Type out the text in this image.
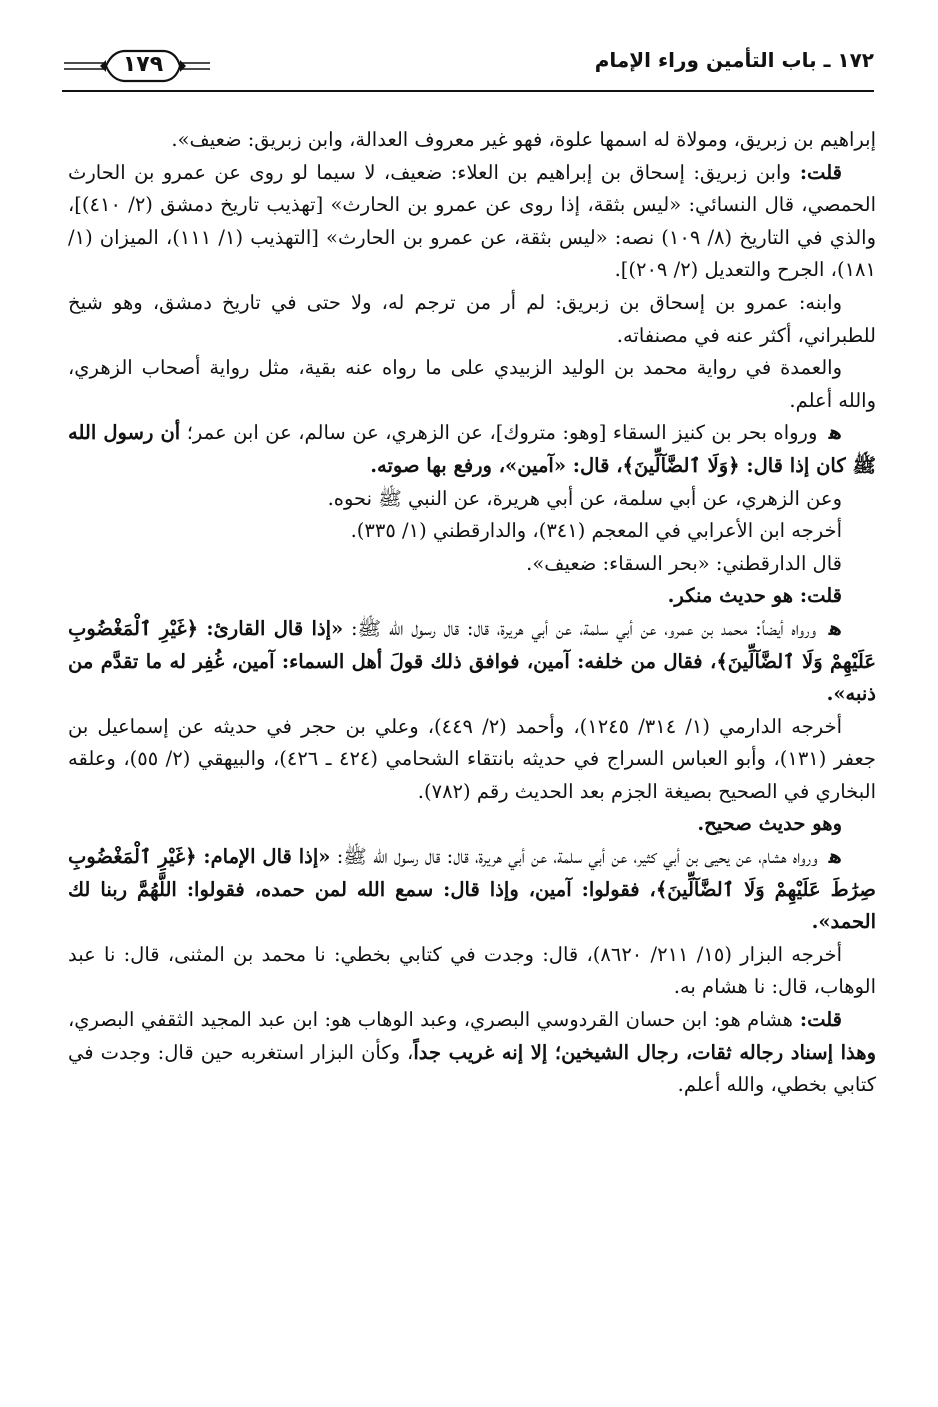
١٧٢ ـ باب التأمين وراء الإمام
١٧٩

إبراهيم بن زبريق، ومولاة له اسمها علوة، فهو غير معروف العدالة، وابن زبريق: ضعيف».

قلت: وابن زبريق: إسحاق بن إبراهيم بن العلاء: ضعيف، لا سيما لو روى عن عمرو بن الحارث الحمصي، قال النسائي: «ليس بثقة، إذا روى عن عمرو بن الحارث» [تهذيب تاريخ دمشق (٢/ ٤١٠)]، والذي في التاريخ (٨/ ١٠٩) نصه: «ليس بثقة، عن عمرو بن الحارث» [التهذيب (١/ ١١١)، الميزان (١/ ١٨١)، الجرح والتعديل (٢/ ٢٠٩)].

وابنه: عمرو بن إسحاق بن زبريق: لم أر من ترجم له، ولا حتى في تاريخ دمشق، وهو شيخ للطبراني، أكثر عنه في مصنفاته.

والعمدة في رواية محمد بن الوليد الزبيدي على ما رواه عنه بقية، مثل رواية أصحاب الزهري، والله أعلم.

ﻫ ورواه بحر بن كنيز السقاء [وهو: متروك]، عن الزهري، عن سالم، عن ابن عمر؛ أن رسول الله ﷺ كان إذا قال: ﴿وَلَا ٱلضَّآلِّينَ﴾، قال: «آمين»، ورفع بها صوته.

وعن الزهري، عن أبي سلمة، عن أبي هريرة، عن النبي ﷺ نحوه.

أخرجه ابن الأعرابي في المعجم (٣٤١)، والدارقطني (١/ ٣٣٥).

قال الدارقطني: «بحر السقاء: ضعيف».

قلت: هو حديث منكر.

ﻫ ورواه أيضاً: محمد بن عمرو، عن أبي سلمة، عن أبي هريرة، قال: قال رسول الله ﷺ: «إذا قال القارئ: ﴿غَيْرِ ٱلْمَغْضُوبِ عَلَيْهِمْ وَلَا ٱلضَّآلِّينَ﴾، فقال من خلفه: آمين، فوافق ذلك قولَ أهل السماء: آمين، غُفِر له ما تقدَّم من ذنبه».

أخرجه الدارمي (١/ ٣١٤/ ١٢٤٥)، وأحمد (٢/ ٤٤٩)، وعلي بن حجر في حديثه عن إسماعيل بن جعفر (١٣١)، وأبو العباس السراج في حديثه بانتقاء الشحامي (٤٢٤ ـ ٤٢٦)، والبيهقي (٢/ ٥٥)، وعلقه البخاري في الصحيح بصيغة الجزم بعد الحديث رقم (٧٨٢).

وهو حديث صحيح.

ﻫ ورواه هشام، عن يحيى بن أبي كثير، عن أبي سلمة، عن أبي هريرة، قال: قال رسول الله ﷺ: «إذا قال الإمام: ﴿غَيْرِ ٱلْمَغْضُوبِ صِرَٰطَ عَلَيْهِمْ وَلَا ٱلضَّآلِّينَ﴾، فقولوا: آمين، وإذا قال: سمع الله لمن حمده، فقولوا: اللَّهُمَّ ربنا لك الحمد».

أخرجه البزار (١٥/ ٢١١/ ٨٦٢٠)، قال: وجدت في كتابي بخطي: نا محمد بن المثنى، قال: نا عبد الوهاب، قال: نا هشام به.

قلت: هشام هو: ابن حسان القردوسي البصري، وعبد الوهاب هو: ابن عبد المجيد الثقفي البصري، وهذا إسناد رجاله ثقات، رجال الشيخين؛ إلا إنه غريب جداً، وكأن البزار استغربه حين قال: وجدت في كتابي بخطي، والله أعلم.
